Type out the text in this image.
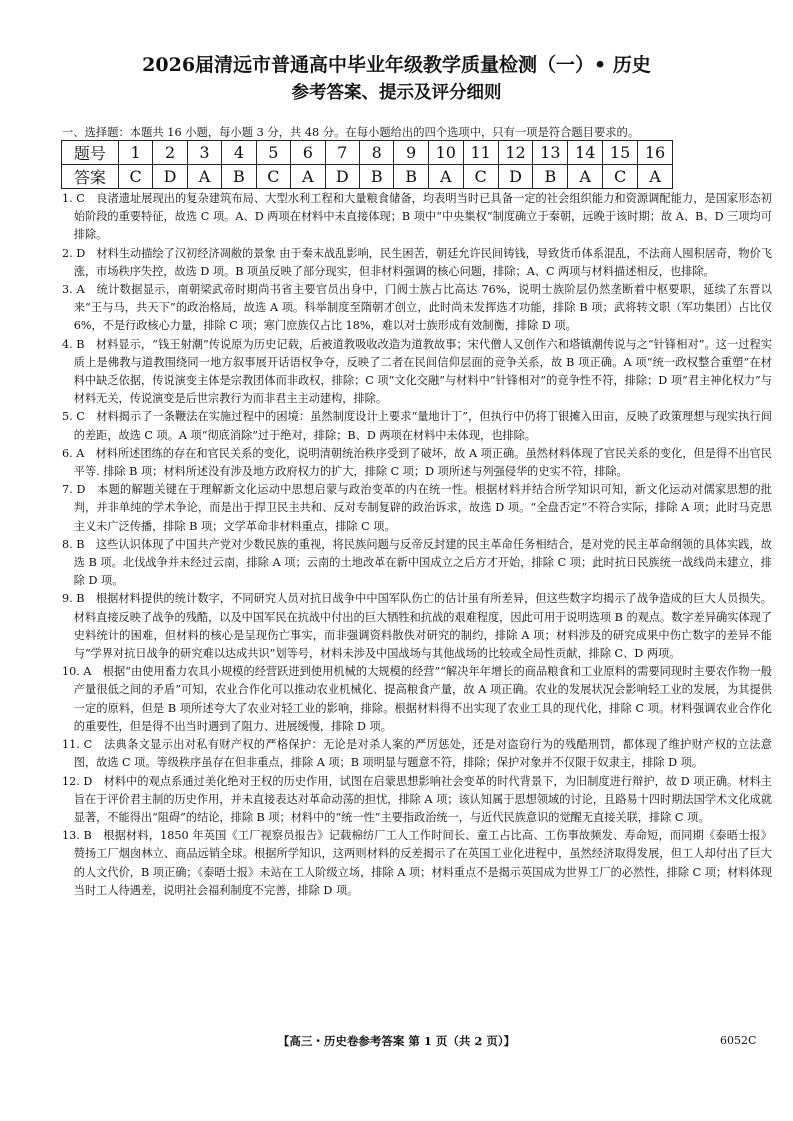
2026届清远市普通高中毕业年级教学质量检测（一）• 历史
参考答案、提示及评分细则
一、选择题：本题共 16 小题，每小题 3 分，共 48 分。在每小题给出的四个选项中，只有一项是符合题目要求的。
题号	1	2	3	4	5	6	7	8	9	10	11	12	13	14	15	16
答案	C	D	A	B	C	A	D	B	B	A	C	D	B	A	C	A

1. C　良渚遗址展现出的复杂建筑布局、大型水利工程和大量粮食储备，均表明当时已具备一定的社会组织能力和资源调配能力，是国家形态初始阶段的重要特征，故选 C 项。A、D 两项在材料中未直接体现；B 项中“中央集权”制度确立于秦朝，远晚于该时期；故 A、B、D 三项均可排除。

2. D　材料生动描绘了汉初经济凋敝的景象 由于秦末战乱影响，民生困苦，朝廷允许民间铸钱，导致货币体系混乱，不法商人囤积居奇，物价飞涨，市场秩序失控，故选 D 项。B 项虽反映了部分现实，但非材料强调的核心问题，排除；A、C 两项与材料描述相反，也排除。

3. A　统计数据显示，南朝梁武帝时期尚书省主要官员出身中，门阀士族占比高达 76%，说明士族阶层仍然垄断着中枢要职，延续了东晋以来“王与马，共天下”的政治格局，故选 A 项。科举制度至隋朝才创立，此时尚未发挥选才功能，排除 B 项；武将转文职（军功集团）占比仅 6%，不是行政核心力量，排除 C 项；寒门庶族仅占比 18%，难以对士族形成有效制衡，排除 D 项。

4. B　材料显示，“钱王射潮”传说原为历史记载，后被道教吸收改造为道教故事；宋代僧人又创作六和塔镇潮传说与之“针锋相对”。这一过程实质上是佛教与道教围绕同一地方叙事展开话语权争夺，反映了二者在民间信仰层面的竞争关系，故 B 项正确。A 项“统一政权整合重塑”在材料中缺乏依据，传说演变主体是宗教团体而非政权，排除；C 项“文化交融”与材料中“针锋相对”的竞争性不符，排除；D 项“君主神化权力”与材料无关，传说演变是后世宗教行为而非君主主动建构，排除。

5. C　材料揭示了一条鞭法在实施过程中的困境：虽然制度设计上要求“量地计丁”，但执行中仍将丁银摊入田亩，反映了政策理想与现实执行间的差距，故选 C 项。A 项“彻底消除”过于绝对，排除；B、D 两项在材料中未体现，也排除。

6. A　材料所述团练的存在和官民关系的变化，说明清朝统治秩序受到了破坏，故 A 项正确。虽然材料体现了官民关系的变化，但是得不出官民平等. 排除 B 项；材料所述没有涉及地方政府权力的扩大，排除 C 项；D 项所述与列强侵华的史实不符，排除。

7. D　本题的解题关键在于理解新文化运动中思想启蒙与政治变革的内在统一性。根据材料并结合所学知识可知，新文化运动对儒家思想的批判，并非单纯的学术争论，而是出于捍卫民主共和、反对专制复辟的政治诉求，故选 D 项。“全盘否定”不符合实际，排除 A 项；此时马克思主义未广泛传播，排除 B 项；文学革命非材料重点，排除 C 项。

8. B　这些认识体现了中国共产党对少数民族的重视，将民族问题与反帝反封建的民主革命任务相结合，是对党的民主革命纲领的具体实践，故选 B 项。北伐战争并未经过云南，排除 A 项；云南的土地改革在新中国成立之后方才开始，排除 C 项；此时抗日民族统一战线尚未建立，排除 D 项。

9. B　根据材料提供的统计数字，不同研究人员对抗日战争中中国军队伤亡的估计虽有所差异，但这些数字均揭示了战争造成的巨大人员损失。材料直接反映了战争的残酷，以及中国军民在抗战中付出的巨大牺牲和抗战的艰难程度，因此可用于说明选项 B 的观点。数字差异确实体现了史料统计的困难，但材料的核心是呈现伤亡事实，而非强调资料散佚对研究的制约，排除 A 项；材料涉及的研究成果中伤亡数字的差异不能与“学界对抗日战争的研究难以达成共识”划等号，材料未涉及中国战场与其他战场的比较或全局性贡献，排除 C、D 两项。

10. A　根据“由使用畜力农具小规模的经营跃进到使用机械的大规模的经营”“解决年年增长的商品粮食和工业原料的需要同现时主要农作物一般产量很低之间的矛盾”可知，农业合作化可以推动农业机械化、提高粮食产量，故 A 项正确。农业的发展状况会影响轻工业的发展，为其提供一定的原料，但是 B 项所述夸大了农业对轻工业的影响，排除。根据材料得不出实现了农业工具的现代化，排除 C 项。材料强调农业合作化的重要性，但是得不出当时遇到了阻力、进展缓慢，排除 D 项。

11. C　法典条文显示出对私有财产权的严格保护：无论是对杀人案的严厉惩处，还是对盗窃行为的残酷刑罚，都体现了维护财产权的立法意图，故选 C 项。等级秩序虽存在但非重点，排除 A 项；B 项明显与题意不符，排除；保护对象并不仅限于奴隶主，排除 D 项。

12. D　材料中的观点系通过美化绝对王权的历史作用，试图在启蒙思想影响社会变革的时代背景下，为旧制度进行辩护，故 D 项正确。材料主旨在于评价君主制的历史作用，并未直接表达对革命动荡的担忧，排除 A 项；该认知属于思想领域的讨论，且路易十四时期法国学术文化成就显著，不能得出“阻碍”的结论，排除 B 项；材料中的“统一性”主要指政治统一，与近代民族意识的觉醒无直接关联，排除 C 项。

13. B　根据材料，1850 年英国《工厂视察员报告》记载棉纺厂工人工作时间长、童工占比高、工伤事故频发、寿命短，而同期《泰晤士报》赞扬工厂烟囱林立、商品远销全球。根据所学知识，这两则材料的反差揭示了在英国工业化进程中，虽然经济取得发展，但工人却付出了巨大的人文代价，B 项正确；《泰晤士报》未站在工人阶级立场，排除 A 项；材料重点不是揭示英国成为世界工厂的必然性，排除 C 项；材料体现当时工人待遇差，说明社会福利制度不完善，排除 D 项。

【高三・历史卷参考答案 第 1 页（共 2 页）】	6052C
